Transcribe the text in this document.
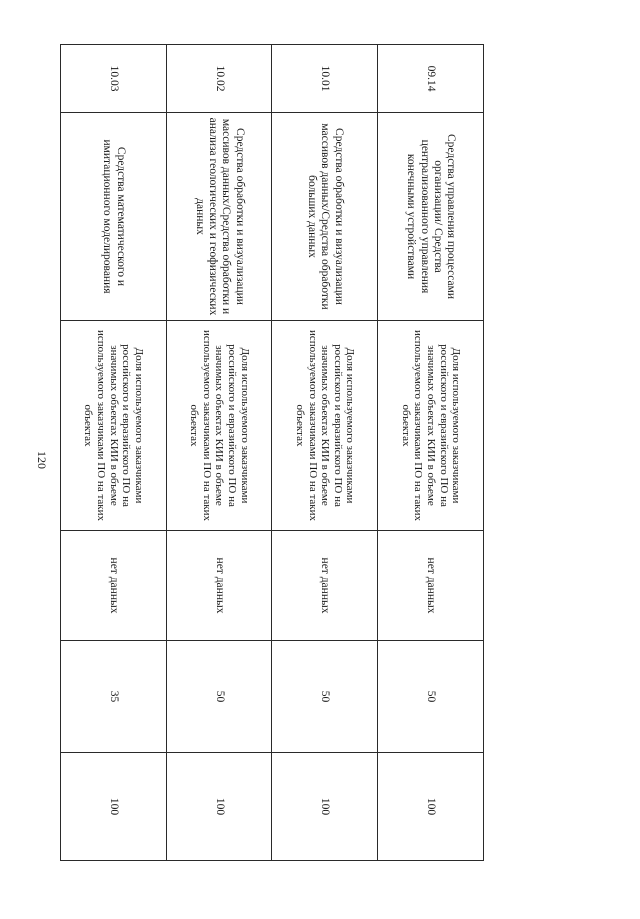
120
09.14	Средства управления процессами организации/ Средства централизованного управления конечными устройствами	Доля используемого заказчиками российского и евразийского ПО на значимых объектах КИИ в объеме используемого заказчиками ПО на таких объектах	нет данных	50	100
10.01	Средства обработки и визуализации массивов данных/Средства обработки больших данных	Доля используемого заказчиками российского и евразийского ПО на значимых объектах КИИ в объеме используемого заказчиками ПО на таких объектах	нет данных	50	100
10.02	Средства обработки и визуализации массивов данных/Средства обработки и анализа геологических и геофизических данных	Доля используемого заказчиками российского и евразийского ПО на значимых объектах КИИ в объеме используемого заказчиками ПО на таких объектах	нет данных	50	100
10.03	Средства математического и имитационного моделирования	Доля используемого заказчиками российского и евразийского ПО на значимых объектах КИИ в объеме используемого заказчиками ПО на таких объектах	нет данных	35	100
